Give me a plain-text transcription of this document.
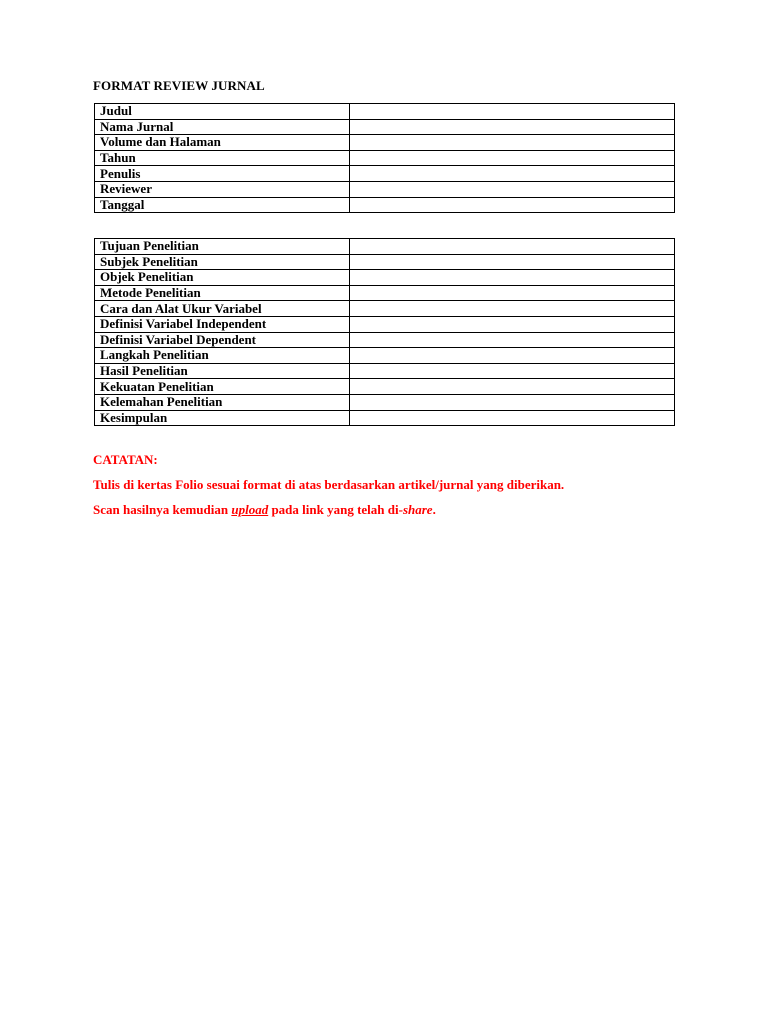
FORMAT REVIEW JURNAL
Judul	
Nama Jurnal	
Volume dan Halaman	
Tahun	
Penulis	
Reviewer	
Tanggal	
Tujuan Penelitian	
Subjek Penelitian	
Objek Penelitian	
Metode Penelitian	
Cara dan Alat Ukur Variabel	
Definisi Variabel Independent	
Definisi Variabel Dependent	
Langkah Penelitian	
Hasil Penelitian	
Kekuatan Penelitian	
Kelemahan Penelitian	
Kesimpulan	
CATATAN:
Tulis di kertas Folio sesuai format di atas berdasarkan artikel/jurnal yang diberikan.
Scan hasilnya kemudian upload pada link yang telah di-share.
